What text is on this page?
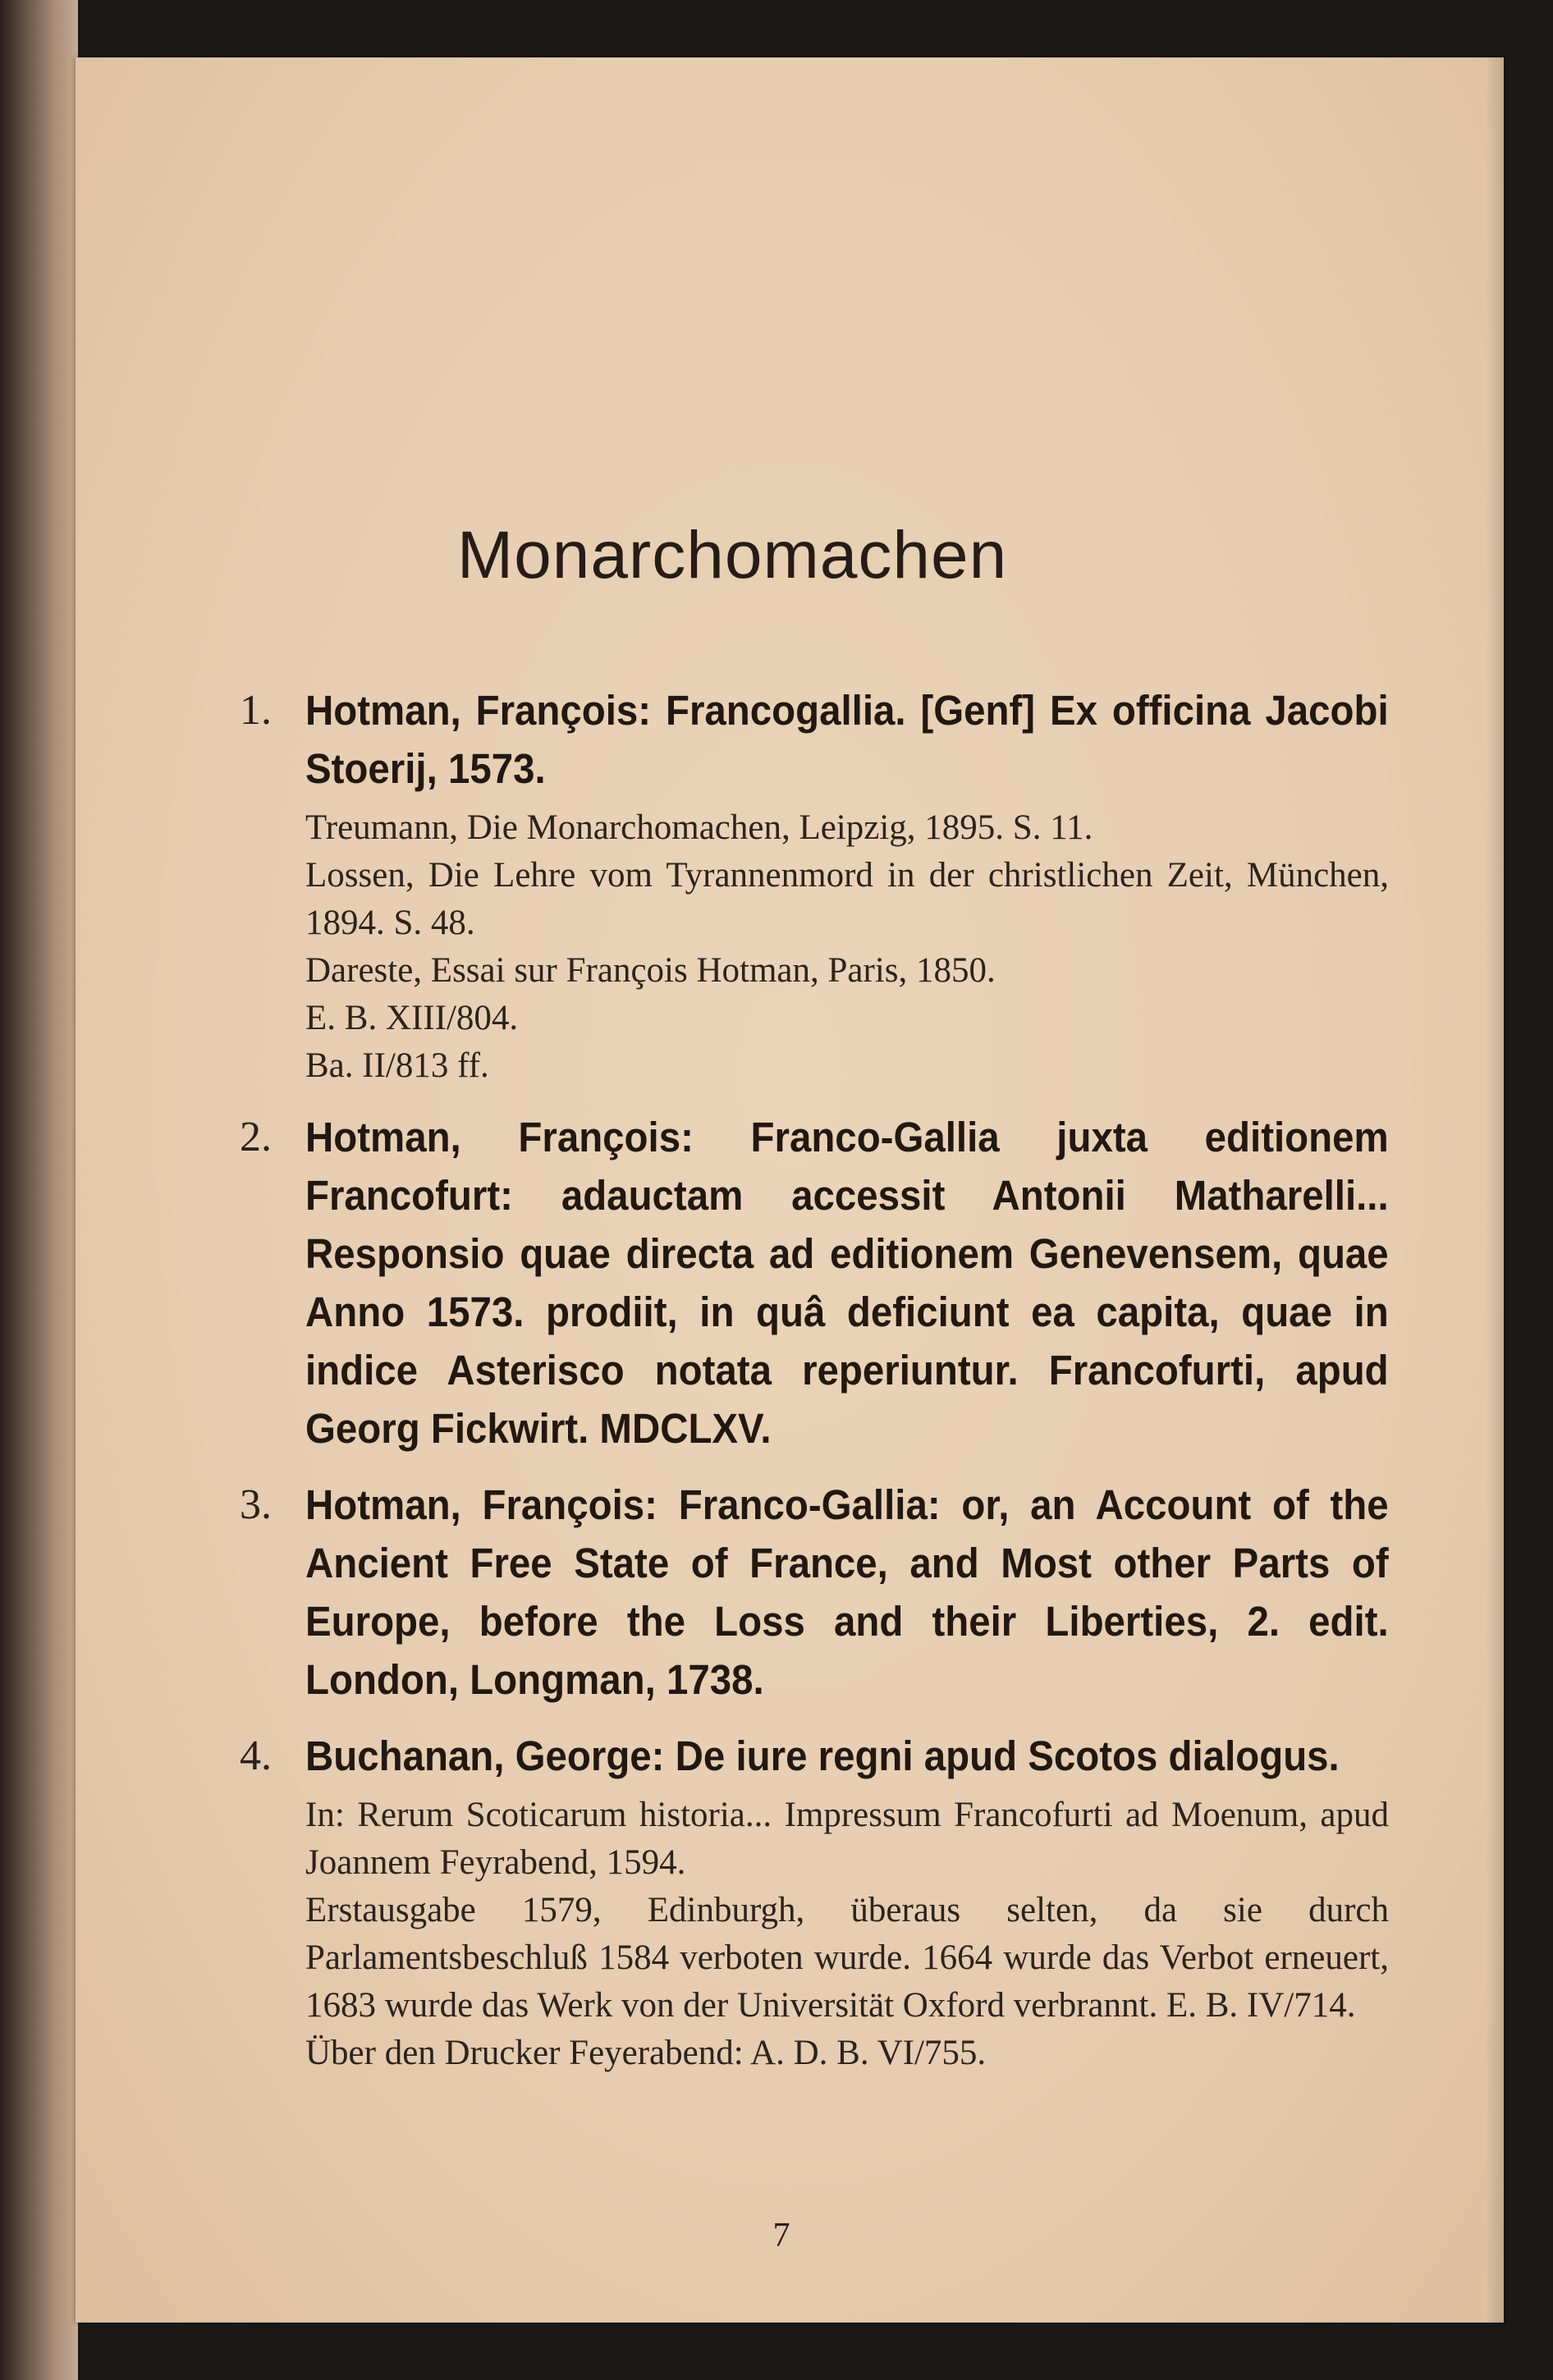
Monarchomachen
1. Hotman, François: Francogallia. [Genf] Ex officina Jacobi Stoerij, 1573.
Treumann, Die Monarchomachen, Leipzig, 1895. S. 11.
Lossen, Die Lehre vom Tyrannenmord in der christlichen Zeit, München, 1894. S. 48.
Dareste, Essai sur François Hotman, Paris, 1850.
E. B. XIII/804.
Ba. II/813 ff.
2. Hotman, François: Franco-Gallia juxta editionem Francofurt: adauctam accessit Antonii Matharelli... Responsio quae directa ad editionem Genevensem, quae Anno 1573. prodiit, in quâ deficiunt ea capita, quae in indice Asterisco notata reperiuntur. Francofurti, apud Georg Fickwirt. MDCLXV.
3. Hotman, François: Franco-Gallia: or, an Account of the Ancient Free State of France, and Most other Parts of Europe, before the Loss and their Liberties, 2. edit. London, Longman, 1738.
4. Buchanan, George: De iure regni apud Scotos dialogus.
In: Rerum Scoticarum historia... Impressum Francofurti ad Moenum, apud Joannem Feyrabend, 1594.
Erstausgabe 1579, Edinburgh, überaus selten, da sie durch Parlamentsbeschluß 1584 verboten wurde. 1664 wurde das Verbot erneuert, 1683 wurde das Werk von der Universität Oxford verbrannt. E. B. IV/714.
Über den Drucker Feyerabend: A. D. B. VI/755.
7
